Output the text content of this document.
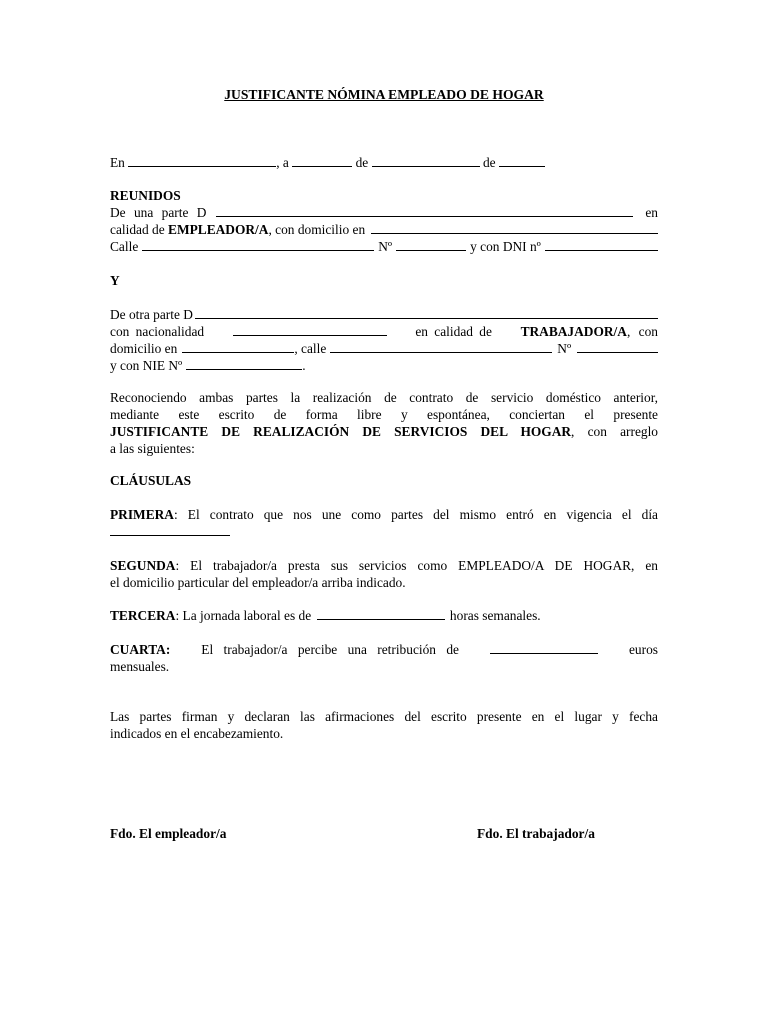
JUSTIFICANTE NÓMINA EMPLEADO DE HOGAR
En	, a	de	de
REUNIDOS
De una parte D	en
calidad de
EMPLEADOR/A , con domicilio en
Calle	Nº	y con DNI nº
Y
De otra parte D
con nacionalidad	en calidad de TRABAJADOR/A, con
domicilio en	, calle	Nº
y con NIE Nº	.
Reconociendo ambas partes la realización de contrato de servicio doméstico anterior,
mediante este escrito de forma libre y espontánea, conciertan el presente
JUSTIFICANTE DE REALIZACIÓN DE SERVICIOS DEL HOGAR, con arreglo
a las siguientes:
CLÁUSULAS
PRIMERA: El contrato que nos une como partes del mismo entró en vigencia el día
SEGUNDA: El trabajador/a presta sus servicios como EMPLEADO/A DE HOGAR, en
el domicilio particular del empleador/a arriba indicado.
TERCERA: La jornada laboral es de	horas semanales.
CUARTA: El trabajador/a percibe una retribución de	euros
mensuales.
Las partes firman y declaran las afirmaciones del escrito presente en el lugar y fecha
indicados en el encabezamiento.
Fdo. El empleador/a	Fdo. El trabajador/a
